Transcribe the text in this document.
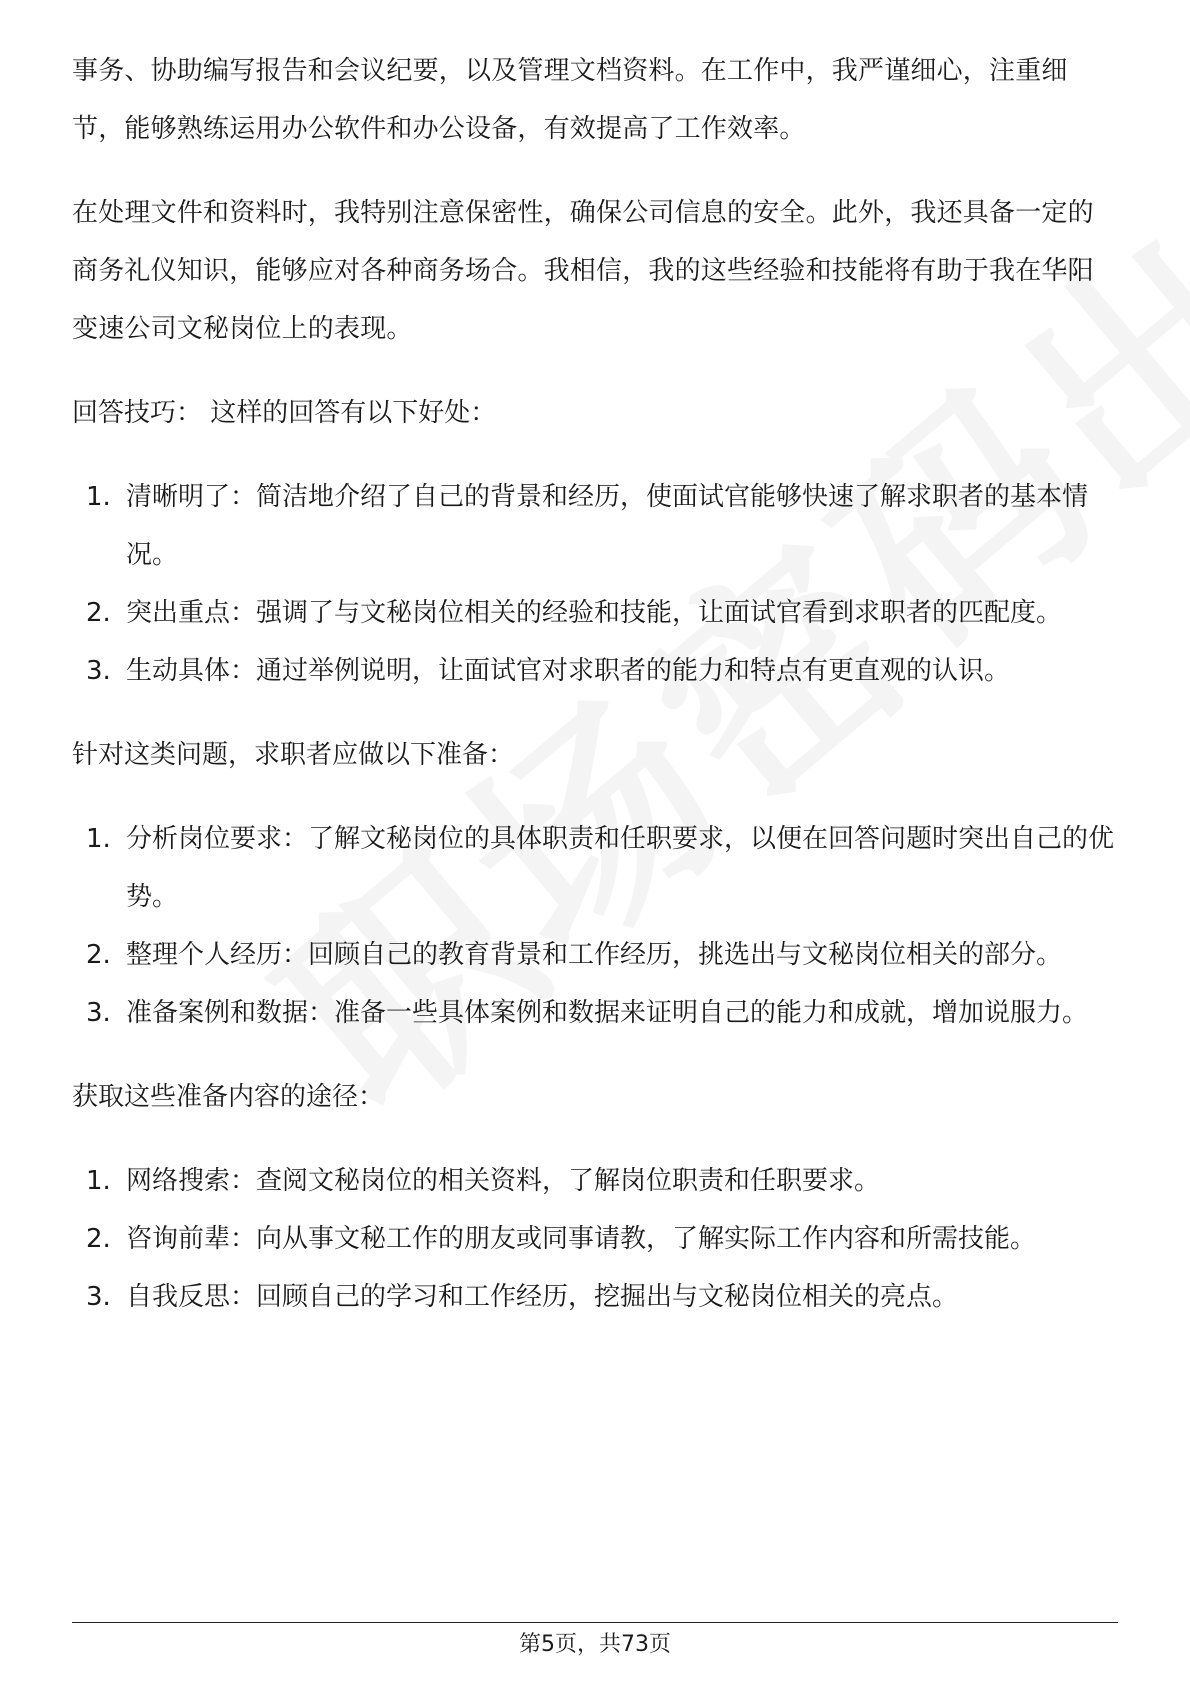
事务、协助编写报告和会议纪要，以及管理文档资料。在工作中，我严谨细心，注重细节，能够熟练运用办公软件和办公设备，有效提高了工作效率。

在处理文件和资料时，我特别注意保密性，确保公司信息的安全。此外，我还具备一定的商务礼仪知识，能够应对各种商务场合。我相信，我的这些经验和技能将有助于我在华阳变速公司文秘岗位上的表现。

回答技巧： 这样的回答有以下好处：

1. 清晰明了：简洁地介绍了自己的背景和经历，使面试官能够快速了解求职者的基本情况。
2. 突出重点：强调了与文秘岗位相关的经验和技能，让面试官看到求职者的匹配度。
3. 生动具体：通过举例说明，让面试官对求职者的能力和特点有更直观的认识。

针对这类问题，求职者应做以下准备：

1. 分析岗位要求：了解文秘岗位的具体职责和任职要求，以便在回答问题时突出自己的优势。
2. 整理个人经历：回顾自己的教育背景和工作经历，挑选出与文秘岗位相关的部分。
3. 准备案例和数据：准备一些具体案例和数据来证明自己的能力和成就，增加说服力。

获取这些准备内容的途径：

1. 网络搜索：查阅文秘岗位的相关资料，了解岗位职责和任职要求。
2. 咨询前辈：向从事文秘工作的朋友或同事请教，了解实际工作内容和所需技能。
3. 自我反思：回顾自己的学习和工作经历，挖掘出与文秘岗位相关的亮点。
第5页，共73页
